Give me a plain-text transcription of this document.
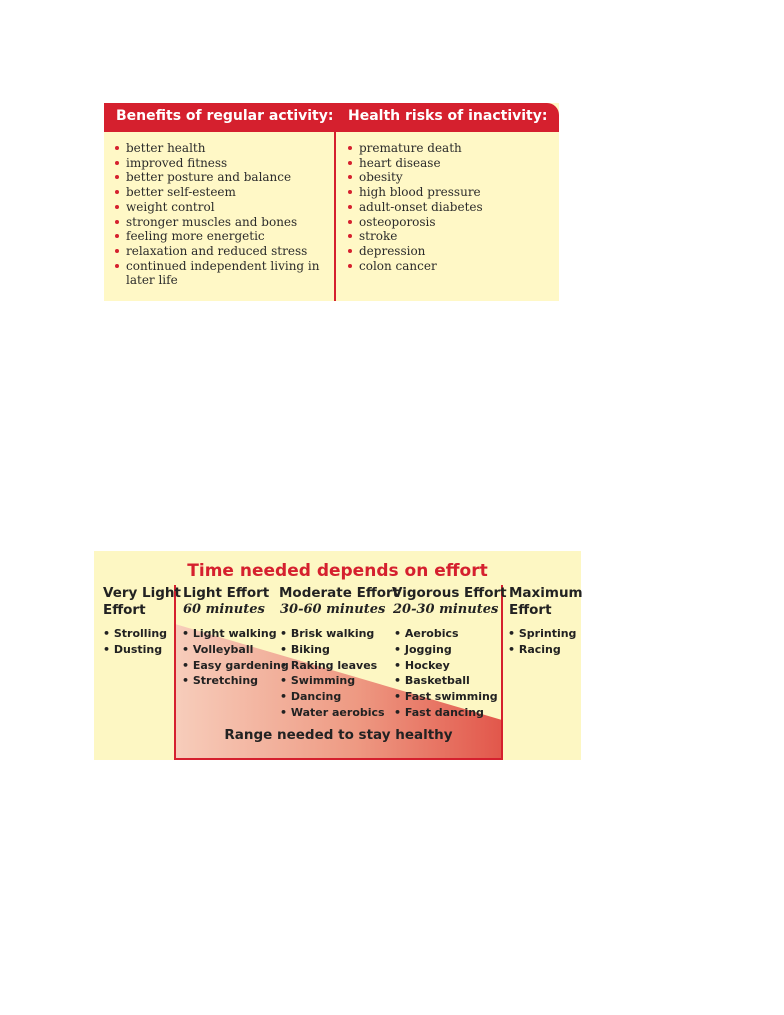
Benefits of regular activity: Health risks of inactivity:
better health
improved fitness
better posture and balance
better self-esteem
weight control
stronger muscles and bones
feeling more energetic
relaxation and reduced stress
continued independent living in later life
premature death
heart disease
obesity
high blood pressure
adult-onset diabetes
osteoporosis
stroke
depression
colon cancer
Time needed depends on effort
Very Light
Effort
• Strolling
• Dusting
Light Effort
60 minutes
• Light walking
• Volleyball
• Easy gardening
• Stretching
Moderate Effort
30-60 minutes
• Brisk walking
• Biking
• Raking leaves
• Swimming
• Dancing
• Water aerobics
Vigorous Effort
20-30 minutes
• Aerobics
• Jogging
• Hockey
• Basketball
• Fast swimming
• Fast dancing
Maximum
Effort
• Sprinting
• Racing
Range needed to stay healthy
